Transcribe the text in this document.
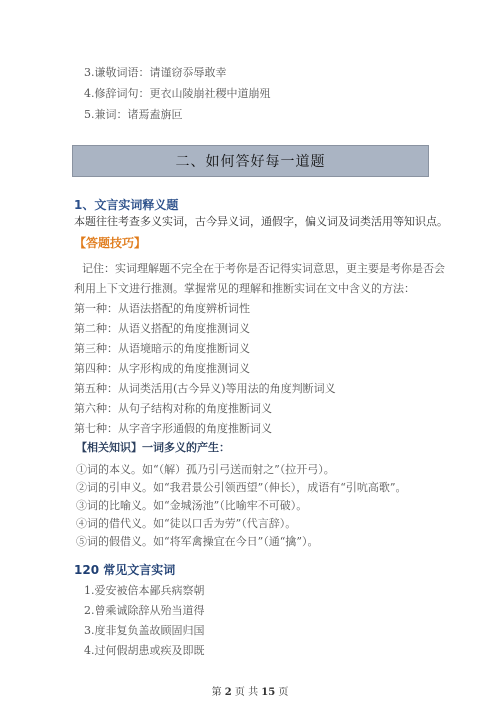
3.谦敬词语：请谨窃忝辱敢幸
4.修辞词句：更衣山陵崩社稷中道崩殂
5.兼词：诸焉盍旃叵
二、如何答好每一道题
1、文言实词释义题
本题往往考查多义实词，古今异义词，通假字，偏义词及词类活用等知识点。
【答题技巧】
记住：实词理解题不完全在于考你是否记得实词意思，更主要是考你是否会
利用上下文进行推测。掌握常见的理解和推断实词在文中含义的方法：
第一种：从语法搭配的角度辨析词性
第二种：从语义搭配的角度推测词义
第三种：从语境暗示的角度推断词义
第四种：从字形构成的角度推测词义
第五种：从词类活用(古今异义)等用法的角度判断词义
第六种：从句子结构对称的角度推断词义
第七种：从字音字形通假的角度推断词义
【相关知识】一词多义的产生：
①词的本义。如“（解）孤乃引弓送而射之”（拉开弓）。
②词的引申义。如“我君景公引领西望”（伸长），成语有“引吭高歌”。
③词的比喻义。如“金城汤池”（比喻牢不可破）。
④词的借代义。如“徒以口舌为劳”（代言辞）。
⑤词的假借义。如“将军禽操宜在今日”（通“擒”）。
120 常见文言实词
1.爱安被倍本鄙兵病察朝
2.曾乘诚除辞从殆当道得
3.度非复负盖故顾固归国
4.过何假胡患或疾及即既
第 2 页 共 15 页
